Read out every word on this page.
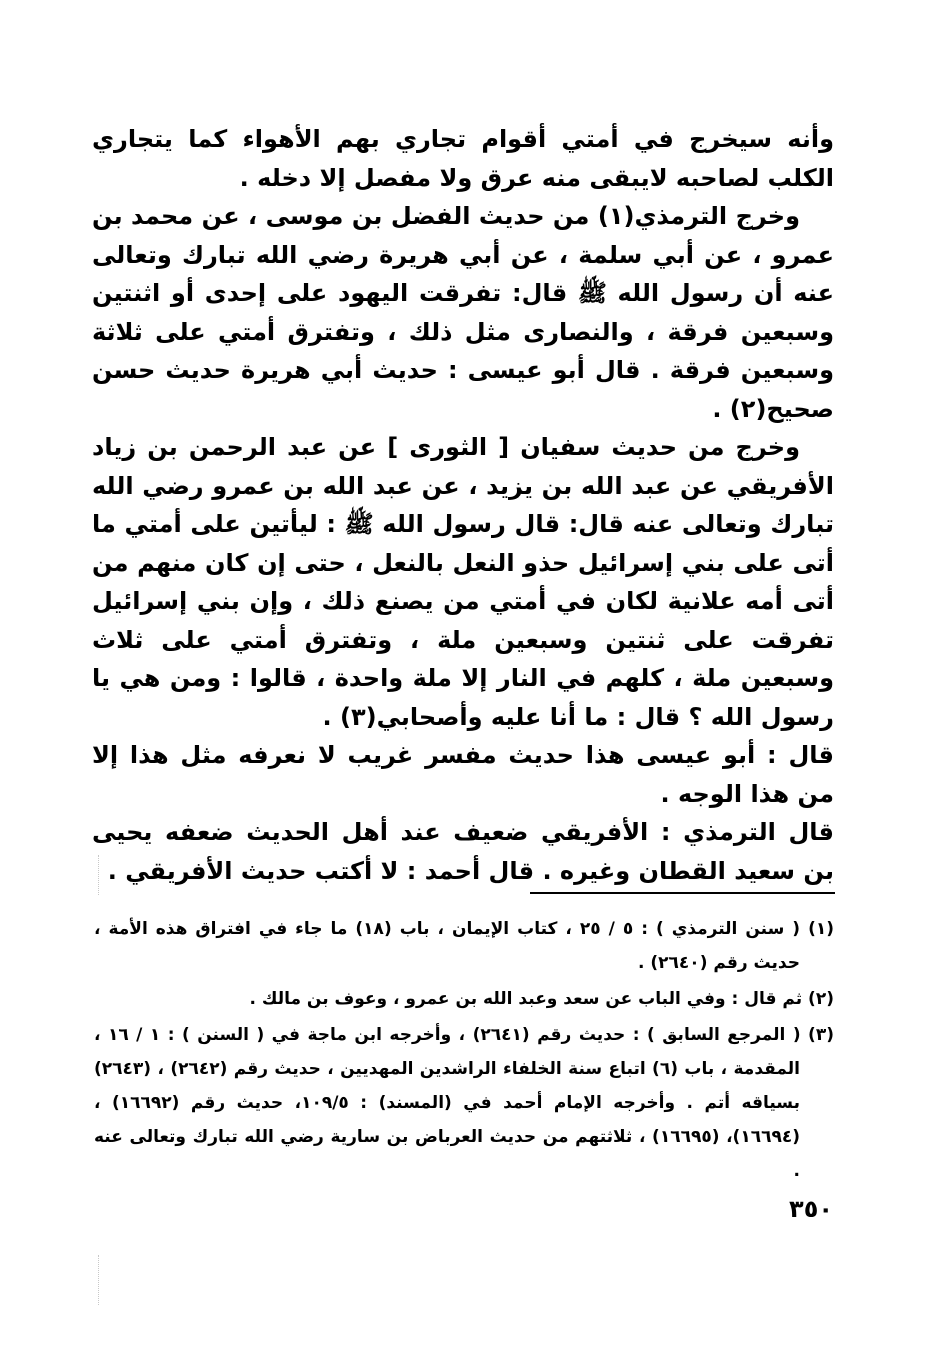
وأنه سيخرج في أمتي أقوام تجاري بهم الأهواء كما يتجاري الكلب لصاحبه لايبقى منه عرق ولا مفصل إلا دخله .

وخرج الترمذي(١) من حديث الفضل بن موسى ، عن محمد بن عمرو ، عن أبي سلمة ، عن أبي هريرة رضي الله تبارك وتعالى عنه أن رسول الله ﷺ قال: تفرقت اليهود على إحدى أو اثنتين وسبعين فرقة ، والنصارى مثل ذلك ، وتفترق أمتي على ثلاثة وسبعين فرقة . قال أبو عيسى : حديث أبي هريرة حديث حسن صحيح(٢) .

وخرج من حديث سفيان [ الثورى ] عن عبد الرحمن بن زياد الأفريقي عن عبد الله بن يزيد ، عن عبد الله بن عمرو رضي الله تبارك وتعالى عنه قال: قال رسول الله ﷺ : ليأتين على أمتي ما أتى على بني إسرائيل حذو النعل بالنعل ، حتى إن كان منهم من أتى أمه علانية لكان في أمتي من يصنع ذلك ، وإن بني إسرائيل تفرقت على ثنتين وسبعين ملة ، وتفترق أمتي على ثلاث وسبعين ملة ، كلهم في النار إلا ملة واحدة ، قالوا : ومن هي يا رسول الله ؟ قال : ما أنا عليه وأصحابي(٣) .

قال : أبو عيسى هذا حديث مفسر غريب لا نعرفه مثل هذا إلا من هذا الوجه .

قال الترمذي : الأفريقي ضعيف عند أهل الحديث ضعفه يحيى بن سعيد القطان وغيره . قال أحمد : لا أكتب حديث الأفريقي .

(١) ( سنن الترمذي ) : ٥ / ٢٥ ، كتاب الإيمان ، باب (١٨) ما جاء في افتراق هذه الأمة ، حديث رقم (٢٦٤٠) .

(٢) ثم قال : وفي الباب عن سعد وعبد الله بن عمرو ، وعوف بن مالك .

(٣) ( المرجع السابق ) : حديث رقم (٢٦٤١) ، وأخرجه ابن ماجة في ( السنن ) : ١ / ١٦ ، المقدمة ، باب (٦) اتباع سنة الخلفاء الراشدين المهديين ، حديث رقم (٢٦٤٢) ، (٢٦٤٣) بسياقه أتم . وأخرجه الإمام أحمد في (المسند) : ١٠٩/٥، حديث رقم (١٦٦٩٢) ، (١٦٦٩٤)، (١٦٦٩٥) ، ثلاثتهم من حديث العرباض بن سارية رضي الله تبارك وتعالى عنه .

٣٥٠
